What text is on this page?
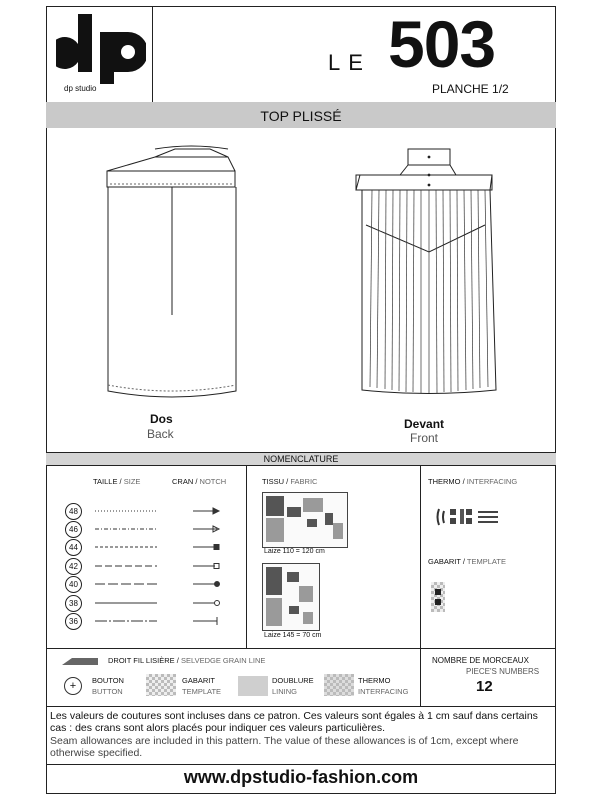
dp studio
LE 503
PLANCHE 1/2
TOP PLISSÉ
Dos
Back
Devant
Front
NOMENCLATURE
TAILLE / SIZE	CRAN / NOTCH
48
46
44
42
40
38
36
TISSU / FABRIC
Laize 110 = 120 cm
Laize 145 = 70 cm
THERMO / INTERFACING
GABARIT / TEMPLATE
DROIT FIL LISIÈRE / SELVEDGE GRAIN LINE
+	BOUTON
BUTTON
GABARIT
TEMPLATE
DOUBLURE
LINING
THERMO
INTERFACING
NOMBRE DE MORCEAUX
PIECE'S NUMBERS
12
Les valeurs de coutures sont incluses dans ce patron. Ces valeurs sont égales à 1 cm sauf dans certains cas : des crans sont alors placés pour indiquer ces valeurs particulières.
Seam allowances are included in this pattern. The value of these allowances is of 1cm, except where otherwise specified.
www.dpstudio-fashion.com
